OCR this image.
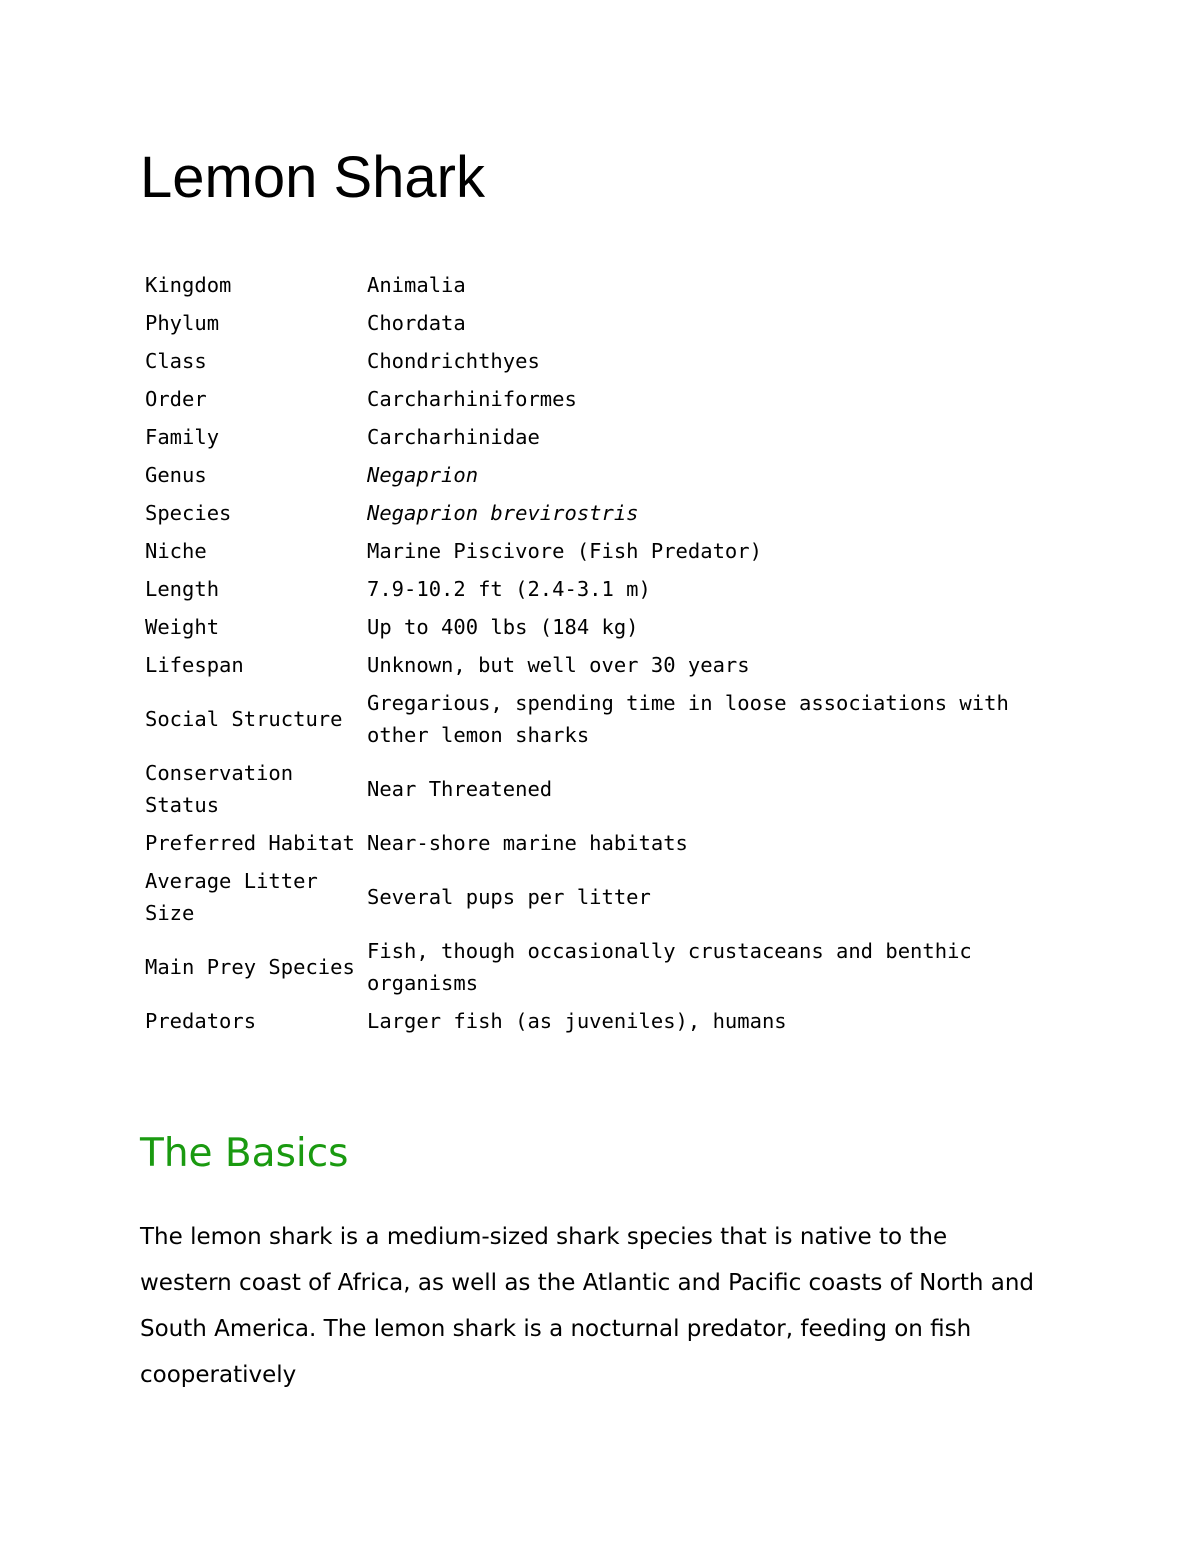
Lemon Shark
Kingdom	Animalia
Phylum	Chordata
Class	Chondrichthyes
Order	Carcharhiniformes
Family	Carcharhinidae
Genus	Negaprion
Species	Negaprion brevirostris
Niche	Marine Piscivore (Fish Predator)
Length	7.9-10.2 ft (2.4-3.1 m)
Weight	Up to 400 lbs (184 kg)
Lifespan	Unknown, but well over 30 years
Social Structure	Gregarious, spending time in loose associations with other lemon sharks
Conservation Status	Near Threatened
Preferred Habitat	Near-shore marine habitats
Average Litter Size	Several pups per litter
Main Prey Species	Fish, though occasionally crustaceans and benthic organisms
Predators	Larger fish (as juveniles), humans
The Basics

The lemon shark is a medium-sized shark species that is native to the western coast of Africa, as well as the Atlantic and Pacific coasts of North and South America. The lemon shark is a nocturnal predator, feeding on fish cooperatively
